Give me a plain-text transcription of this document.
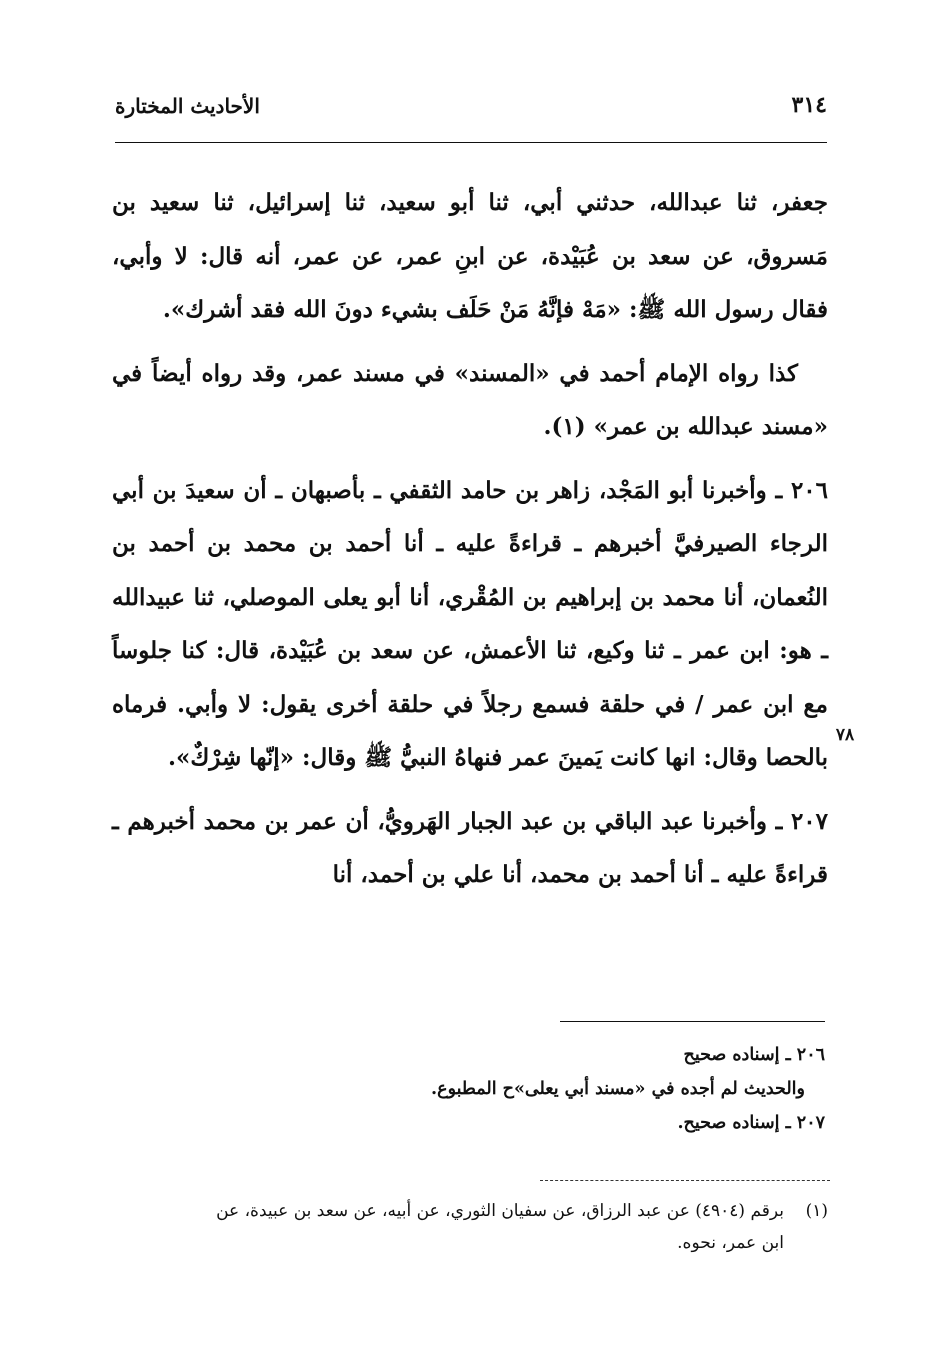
٣١٤
الأحاديث المختارة

جعفر، ثنا عبدالله، حدثني أبي، ثنا أبو سعيد، ثنا إسرائيل، ثنا سعيد بن مَسروق، عن سعد بن عُبَيْدة، عن ابنِ عمر، عن عمر، أنه قال: لا وأبي، فقال رسول الله ﷺ: «مَهْ فإنَّهُ مَنْ حَلَف بشيء دونَ الله فقد أشرك».

كذا رواه الإمام أحمد في «المسند» في مسند عمر، وقد رواه أيضاً في «مسند عبدالله بن عمر» (١).

٢٠٦ ـ وأخبرنا أبو المَجْد، زاهر بن حامد الثقفي ـ بأصبهان ـ أن سعيدَ بن أبي الرجاء الصيرفيَّ أخبرهم ـ قراءةً عليه ـ أنا أحمد بن محمد بن أحمد بن النُعمان، أنا محمد بن إبراهيم بن المُقْري، أنا أبو يعلى الموصلي، ثنا عبيدالله ـ هو: ابن عمر ـ ثنا وكيع، ثنا الأعمش، عن سعد بن عُبَيْدة، قال: كنا جلوساً مع ابن عمر / في حلقة فسمع رجلاً في حلقة أخرى يقول: لا وأبي. فرماه بالحصا وقال: انها كانت يَمينَ عمر فنهاهُ النبيُّ ﷺ وقال: «إنّها شِرْكٌ».

٢٠٧ ـ وأخبرنا عبد الباقي بن عبد الجبار الهَرويُّ، أن عمر بن محمد أخبرهم ـ قراءةً عليه ـ أنا أحمد بن محمد، أنا علي بن أحمد، أنا

٧٨
٢٠٦ ـ إسناده صحيح
والحديث لم أجده في «مسند أبي يعلى»ح المطبوع.
٢٠٧ ـ إسناده صحيح.
(١)برقم (٤٩٠٤) عن عبد الرزاق، عن سفيان الثوري، عن أبيه، عن سعد بن عبيدة، عن
ابن عمر، نحوه.
